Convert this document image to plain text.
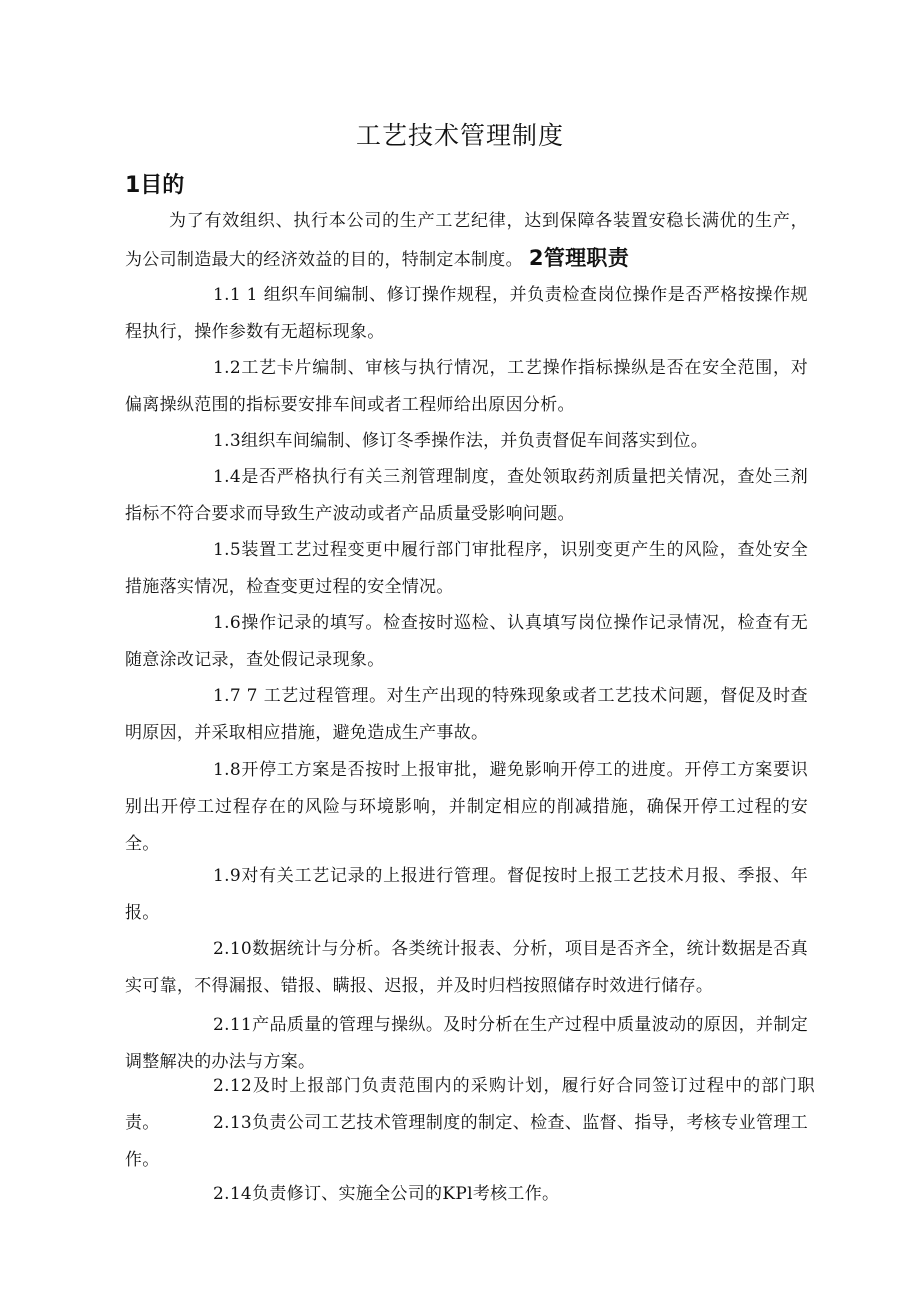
工艺技术管理制度
1目的
为了有效组织、执行本公司的生产工艺纪律，达到保障各装置安稳长满优的生产，为公司制造最大的经济效益的目的，特制定本制度。 2管理职责
1.1 1 组织车间编制、修订操作规程，并负责检查岗位操作是否严格按操作规程执行，操作参数有无超标现象。
1.2工艺卡片编制、审核与执行情况，工艺操作指标操纵是否在安全范围，对偏离操纵范围的指标要安排车间或者工程师给出原因分析。
1.3组织车间编制、修订冬季操作法，并负责督促车间落实到位。
1.4是否严格执行有关三剂管理制度，查处领取药剂质量把关情况，查处三剂指标不符合要求而导致生产波动或者产品质量受影响问题。
1.5装置工艺过程变更中履行部门审批程序，识别变更产生的风险，查处安全措施落实情况，检查变更过程的安全情况。
1.6操作记录的填写。检查按时巡检、认真填写岗位操作记录情况，检查有无随意涂改记录，查处假记录现象。
1.7 7 工艺过程管理。对生产出现的特殊现象或者工艺技术问题，督促及时查明原因，并采取相应措施，避免造成生产事故。
1.8开停工方案是否按时上报审批，避免影响开停工的进度。开停工方案要识别出开停工过程存在的风险与环境影响，并制定相应的削减措施，确保开停工过程的安全。
1.9对有关工艺记录的上报进行管理。督促按时上报工艺技术月报、季报、年报。
2.10数据统计与分析。各类统计报表、分析，项目是否齐全，统计数据是否真实可靠，不得漏报、错报、瞒报、迟报，并及时归档按照储存时效进行储存。
2.11产品质量的管理与操纵。及时分析在生产过程中质量波动的原因，并制定调整解决的办法与方案。
2.12及时上报部门负责范围内的采购计划，履行好合同签订过程中的部门职责。	2.13负责公司工艺技术管理制度的制定、检查、监督、指导，考核专业管理工作。
2.14负责修订、实施全公司的KPl考核工作。
